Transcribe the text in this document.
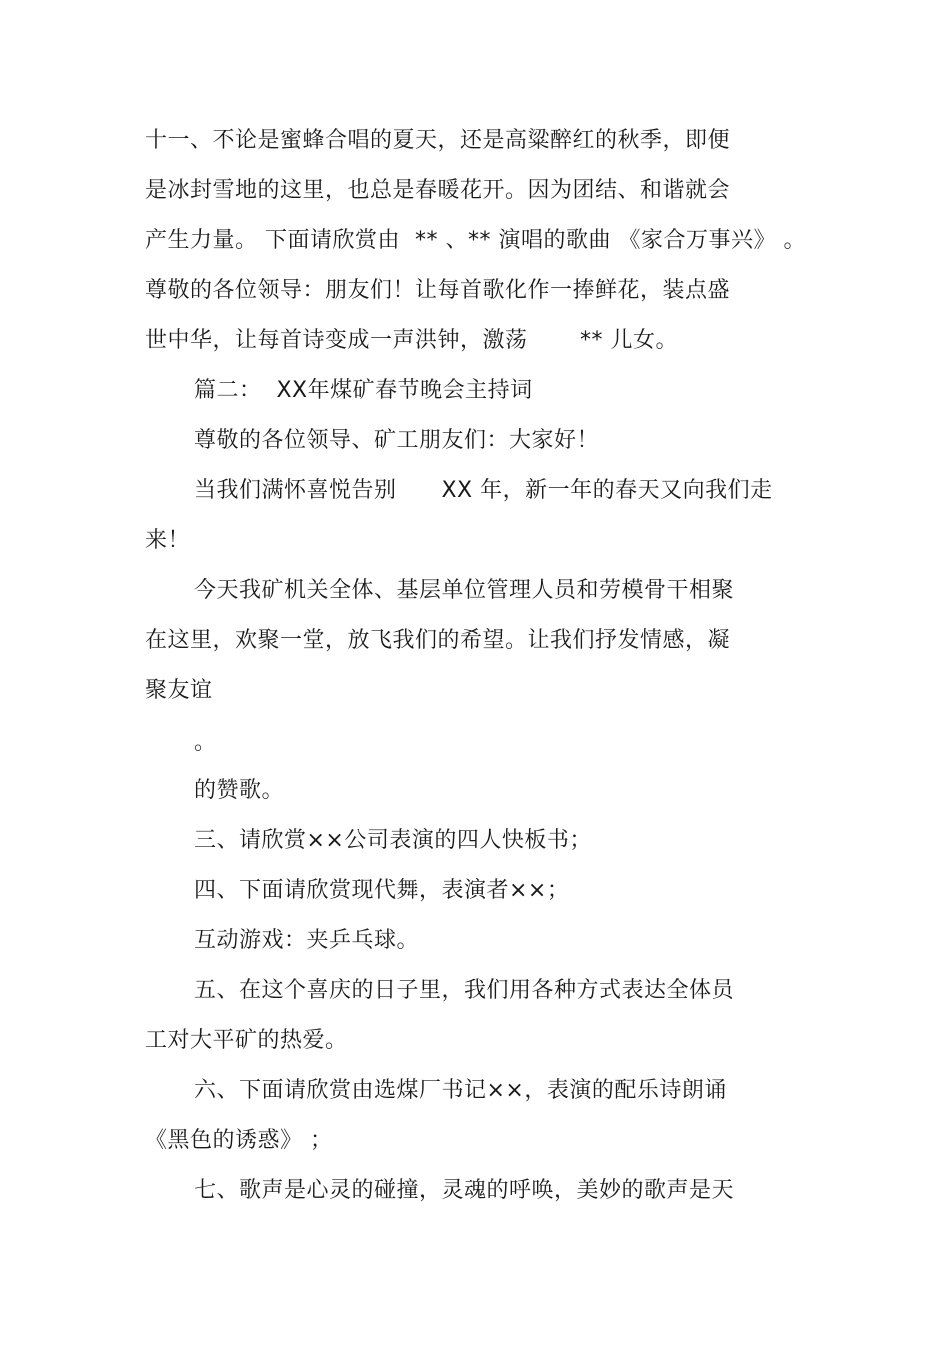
十一、不论是蜜蜂合唱的夏天，还是高粱醉红的秋季，即便
是冰封雪地的这里，也总是春暖花开。因为团结、和谐就会
产生力量。 下面请欣赏由  ** 、** 演唱的歌曲 《家合万事兴》 。
尊敬的各位领导：朋友们！让每首歌化作一捧鲜花，装点盛
世中华，让每首诗变成一声洪钟，激荡       ** 儿女。
篇二：  XX年煤矿春节晚会主持词
尊敬的各位领导、矿工朋友们：大家好！
当我们满怀喜悦告别      XX 年，新一年的春天又向我们走
来！
今天我矿机关全体、基层单位管理人员和劳模骨干相聚
在这里，欢聚一堂，放飞我们的希望。让我们抒发情感，凝
聚友谊
。
的赞歌。
三、请欣赏××公司表演的四人快板书；
四、下面请欣赏现代舞，表演者××；
互动游戏：夹乒乓球。
五、在这个喜庆的日子里，我们用各种方式表达全体员
工对大平矿的热爱。
六、下面请欣赏由选煤厂书记××，表演的配乐诗朗诵
《黑色的诱惑》 ；
七、歌声是心灵的碰撞，灵魂的呼唤，美妙的歌声是天
